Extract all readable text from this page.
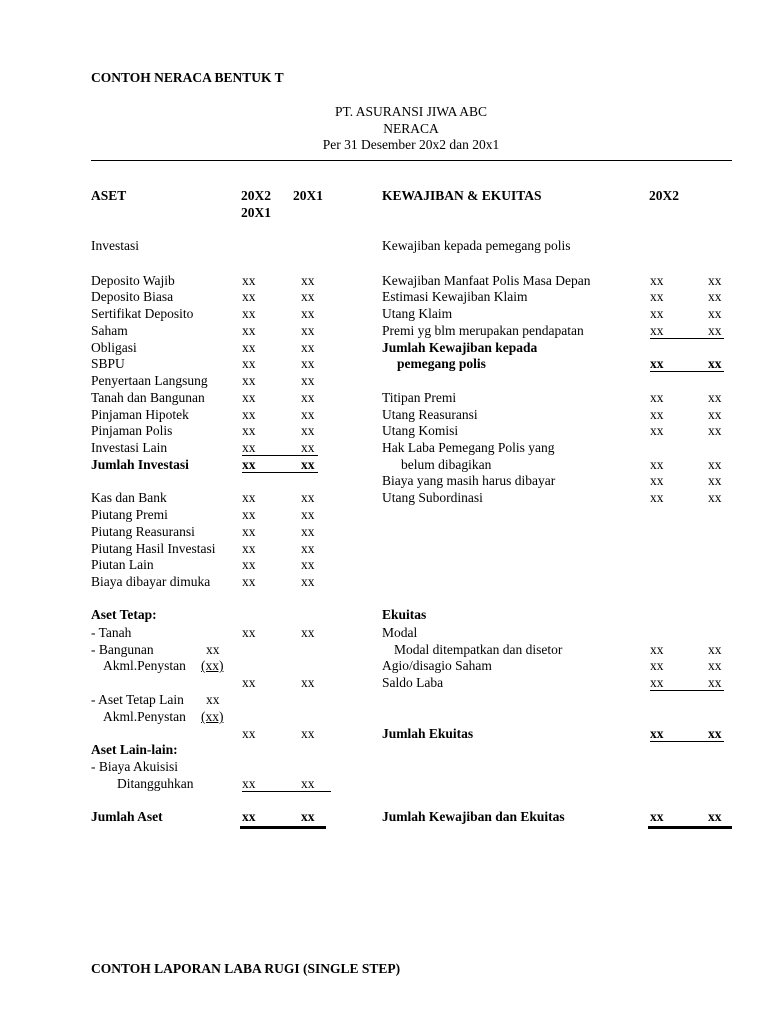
CONTOH NERACA BENTUK T
PT. ASURANSI JIWA ABC
NERACA
Per 31 Desember 20x2 dan 20x1
ASET	20X2 20X1
20X1
KEWAJIBAN & EKUITAS	20X2
Investasi
Deposito Wajib	xx	xx
Deposito Biasa	xx	xx
Sertifikat Deposito	xx	xx
Saham	xx	xx
Obligasi	xx	xx
SBPU	xx	xx
Penyertaan Langsung	xx	xx
Tanah dan Bangunan	xx	xx
Pinjaman Hipotek	xx	xx
Pinjaman Polis	xx	xx
Investasi Lain	xx	xx
Jumlah Investasi	xx	xx
Kas dan Bank	xx	xx
Piutang Premi	xx	xx
Piutang Reasuransi	xx	xx
Piutang Hasil Investasi xx	xx
Piutan Lain	xx	xx
Biaya dibayar dimuka xx	xx
Aset Tetap:
- Tanah	xx	xx
- Bangunan	xx
Akml.Penystan (xx)
xx	xx
- Aset Tetap Lain xx
Akml.Penystan (xx)
xx	xx
Aset Lain-lain:
- Biaya Akuisisi
Ditangguhkan	xx	xx
Jumlah Aset	xx	xx
Kewajiban kepada pemegang polis
Kewajiban Manfaat Polis Masa Depan	xx	xx
Estimasi Kewajiban Klaim	xx	xx
Utang Klaim	xx	xx
Premi yg blm merupakan pendapatan	xx	xx
Jumlah Kewajiban kepada
pemegang polis	xx	xx
Titipan Premi	xx	xx
Utang Reasuransi	xx	xx
Utang Komisi	xx	xx
Hak Laba Pemegang Polis yang
belum dibagikan	xx	xx
Biaya yang masih harus dibayar	xx	xx
Utang Subordinasi	xx	xx
Ekuitas
Modal
Modal ditempatkan dan disetor	xx	xx
Agio/disagio Saham	xx	xx
Saldo Laba	xx	xx
Jumlah Ekuitas	xx	xx
Jumlah Kewajiban dan Ekuitas	xx	xx
CONTOH LAPORAN LABA RUGI (SINGLE STEP)
